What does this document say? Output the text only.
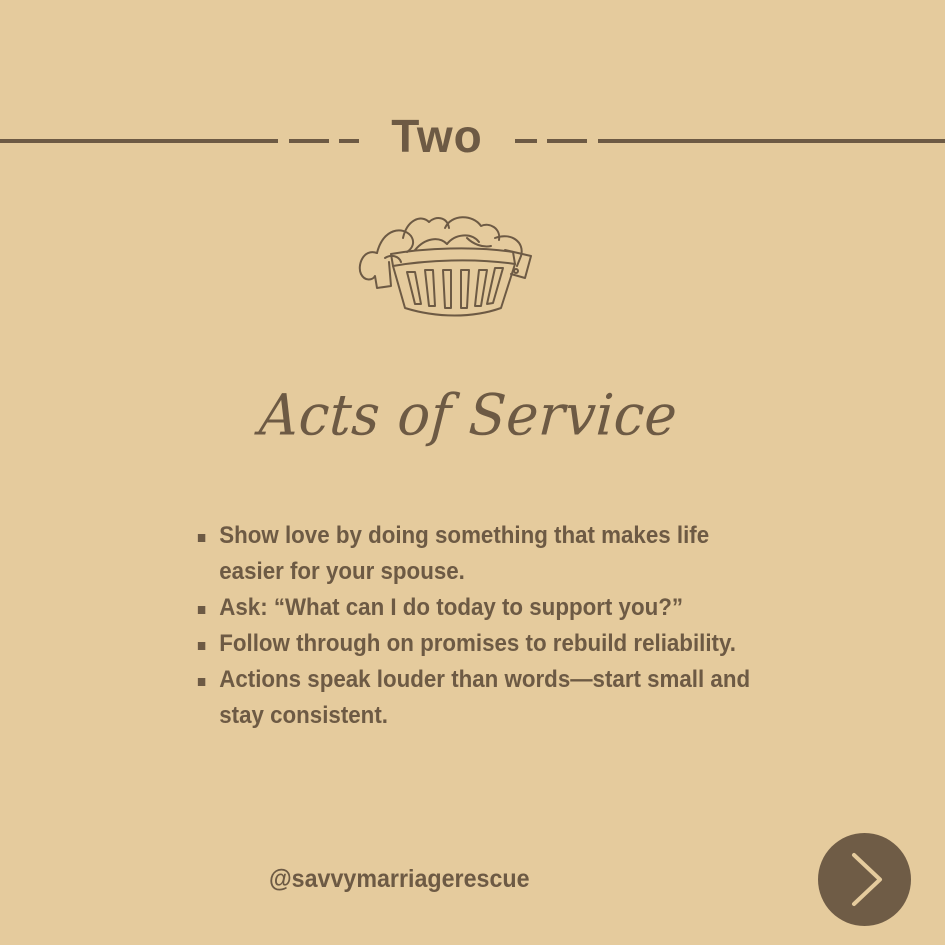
Two
Acts of Service
Show love by doing something that makes life easier for your spouse.
Ask: “What can I do today to support you?”
Follow through on promises to rebuild reliability.
Actions speak louder than words—start small and stay consistent.
@savvymarriagerescue
